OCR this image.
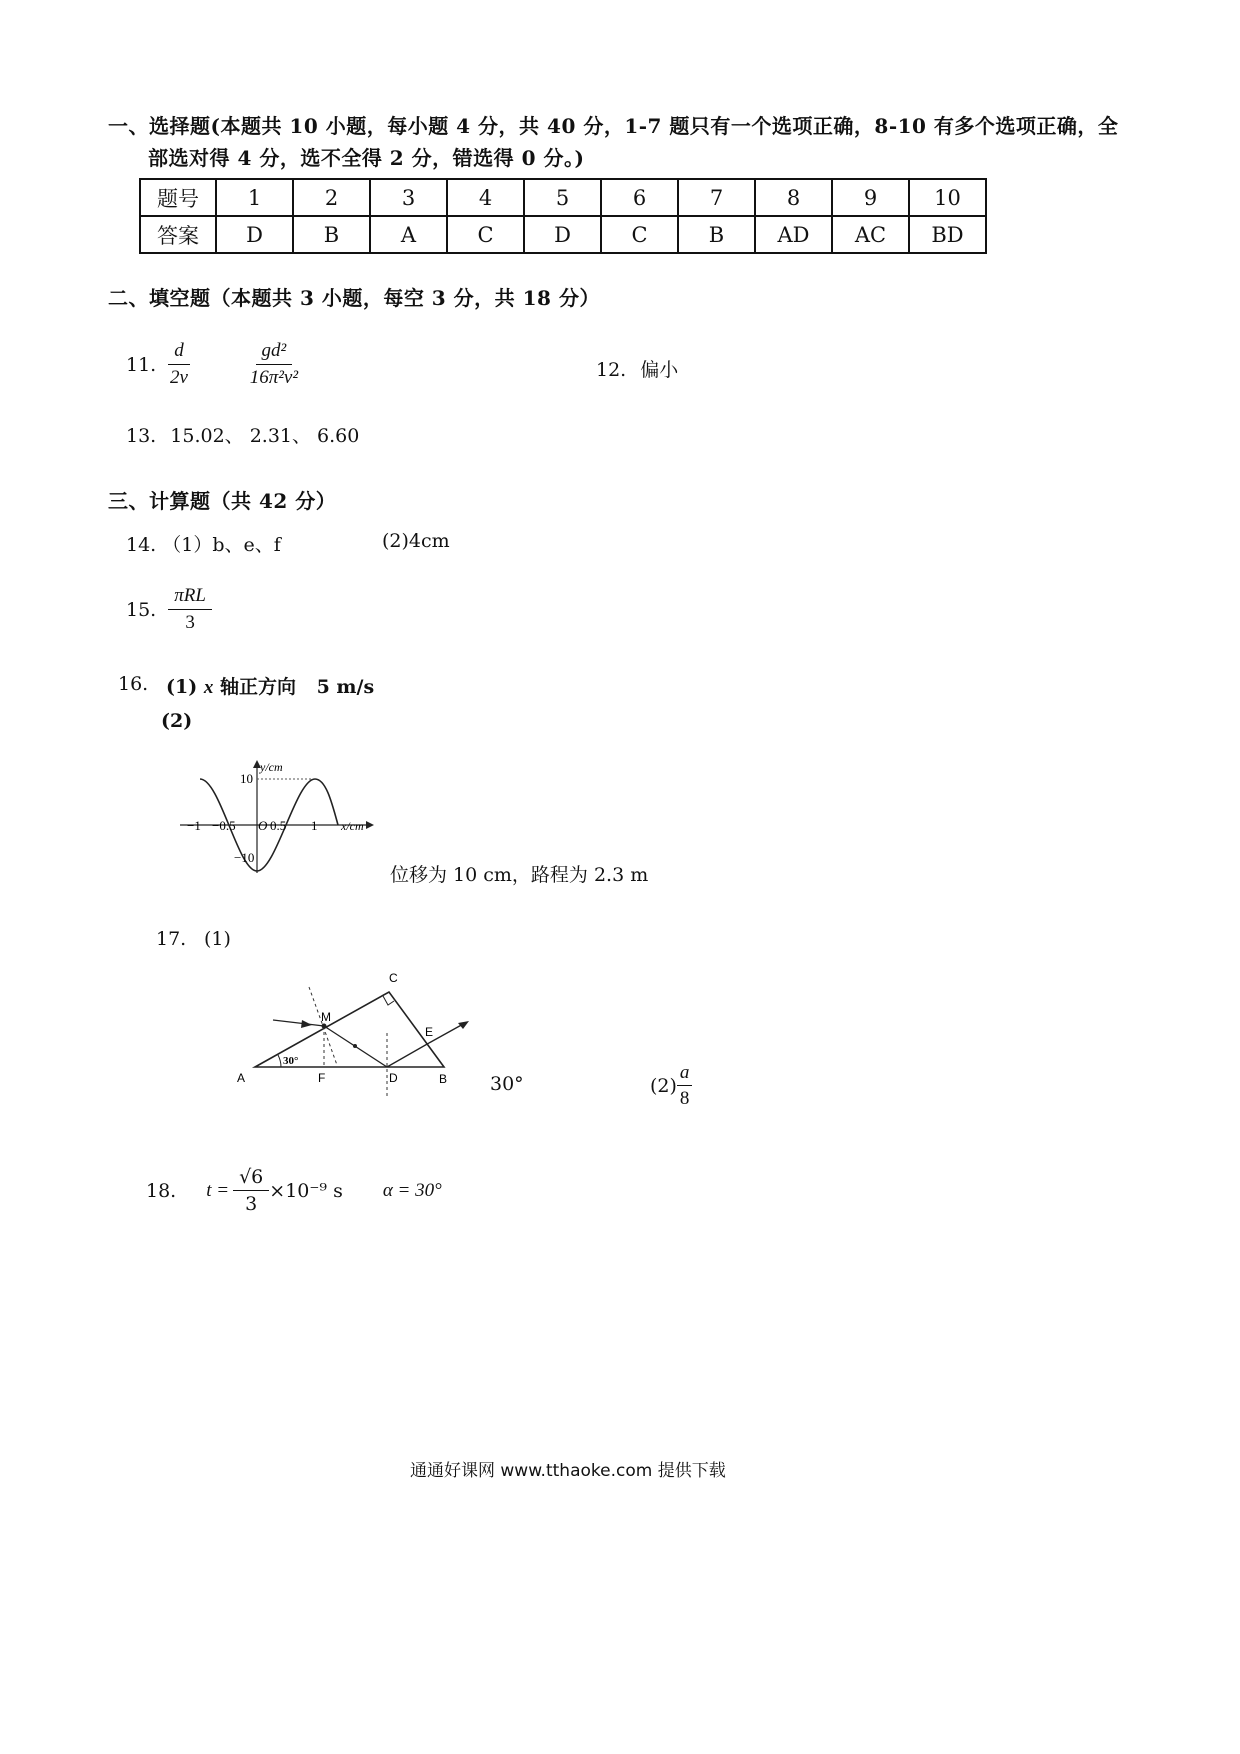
一、选择题(本题共 10 小题，每小题 4 分，共 40 分，1-7 题只有一个选项正确，8-10 有多个选项正确，全
部选对得 4 分，选不全得 2 分，错选得 0 分。)
题号	1	2	3	4	5	6	7	8	9	10
答案	D	B	A	C	D	C	B	AD	AC	BD
二、填空题（本题共 3 小题，每空 3 分，共 18 分）
11. $\frac{d}{2v}$	$\frac{\text{gd²}}{\text{16π²v²}}$	12. 偏小
13. 15.02、 2.31、 6.60
三、计算题（共 42 分）
14. （1）b、e、f	(2)4cm
15. $\frac{\text{πRL}}{3}$
16. (1) x 轴正方向 5 m/s
(2)
y/cm
x/cm
10
−10
−1 −0.5 O 0.5 1
位移为 10 cm，路程为 2.3 m
17. (1)
A	B
C
D
E
F
M
30°
30°	$(2) \frac{a}{8}$
18. $t = \frac{√6}{3} \times 10^{-9}$ s α = 30°
通通好课网 www.tthaoke.com 提供下载
